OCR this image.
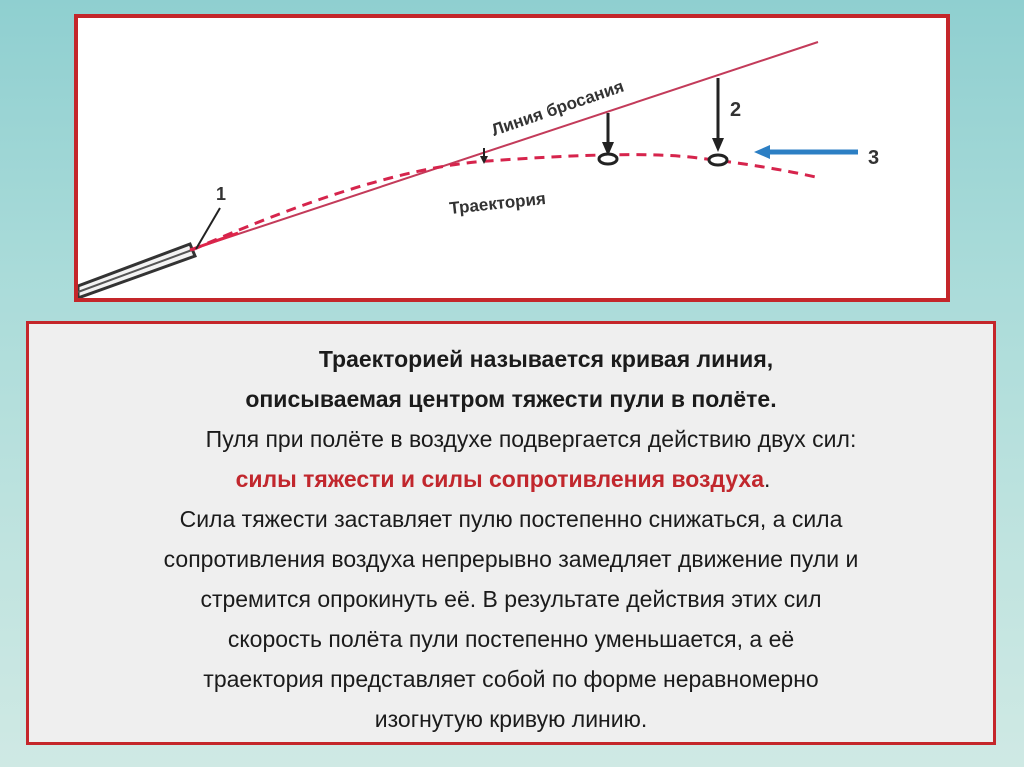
1
2
3
Линия бросания
Траектория
Траекторией называется кривая линия,
описываемая центром тяжести пули в полёте.
Пуля при полёте в воздухе подвергается действию двух сил:
силы тяжести и силы сопротивления воздуха.
Сила тяжести заставляет пулю постепенно снижаться, а сила
сопротивления воздуха непрерывно замедляет движение пули и
стремится опрокинуть её. В результате действия этих сил
скорость полёта пули постепенно уменьшается, а её
траектория представляет собой по форме неравномерно
изогнутую кривую линию.
